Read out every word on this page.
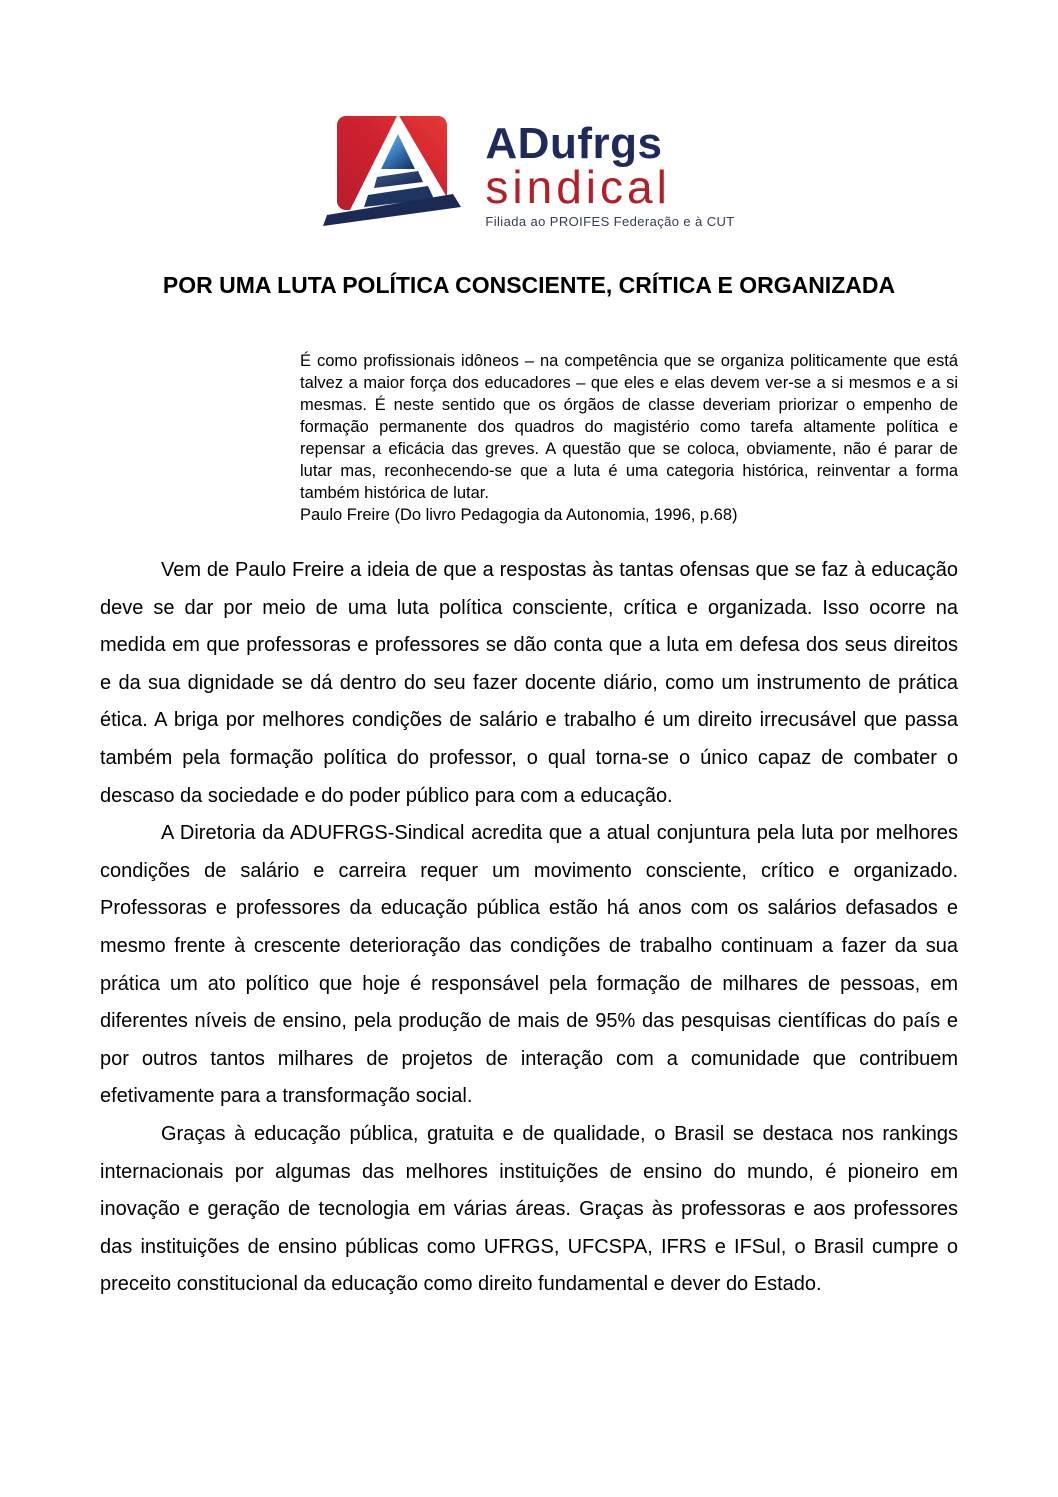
ADufrgs
sindical
Filiada ao PROIFES Federação e à CUT
POR UMA LUTA POLÍTICA CONSCIENTE, CRÍTICA E ORGANIZADA
É como profissionais idôneos – na competência que se organiza politicamente que está talvez a maior força dos educadores – que eles e elas devem ver-se a si mesmos e a si mesmas. É neste sentido que os órgãos de classe deveriam priorizar o empenho de formação permanente dos quadros do magistério como tarefa altamente política e repensar a eficácia das greves. A questão que se coloca, obviamente, não é parar de lutar mas, reconhecendo-se que a luta é uma categoria histórica, reinventar a forma também histórica de lutar.
Paulo Freire (Do livro Pedagogia da Autonomia, 1996, p.68)

Vem de Paulo Freire a ideia de que a respostas às tantas ofensas que se faz à educação deve se dar por meio de uma luta política consciente, crítica e organizada. Isso ocorre na medida em que professoras e professores se dão conta que a luta em defesa dos seus direitos e da sua dignidade se dá dentro do seu fazer docente diário, como um instrumento de prática ética. A briga por melhores condições de salário e trabalho é um direito irrecusável que passa também pela formação política do professor, o qual torna-se o único capaz de combater o descaso da sociedade e do poder público para com a educação.

A Diretoria da ADUFRGS-Sindical acredita que a atual conjuntura pela luta por melhores condições de salário e carreira requer um movimento consciente, crítico e organizado. Professoras e professores da educação pública estão há anos com os salários defasados e mesmo frente à crescente deterioração das condições de trabalho continuam a fazer da sua prática um ato político que hoje é responsável pela formação de milhares de pessoas, em diferentes níveis de ensino, pela produção de mais de 95% das pesquisas científicas do país e por outros tantos milhares de projetos de interação com a comunidade que contribuem efetivamente para a transformação social.

Graças à educação pública, gratuita e de qualidade, o Brasil se destaca nos rankings internacionais por algumas das melhores instituições de ensino do mundo, é pioneiro em inovação e geração de tecnologia em várias áreas. Graças às professoras e aos professores das instituições de ensino públicas como UFRGS, UFCSPA, IFRS e IFSul, o Brasil cumpre o preceito constitucional da educação como direito fundamental e dever do Estado.
